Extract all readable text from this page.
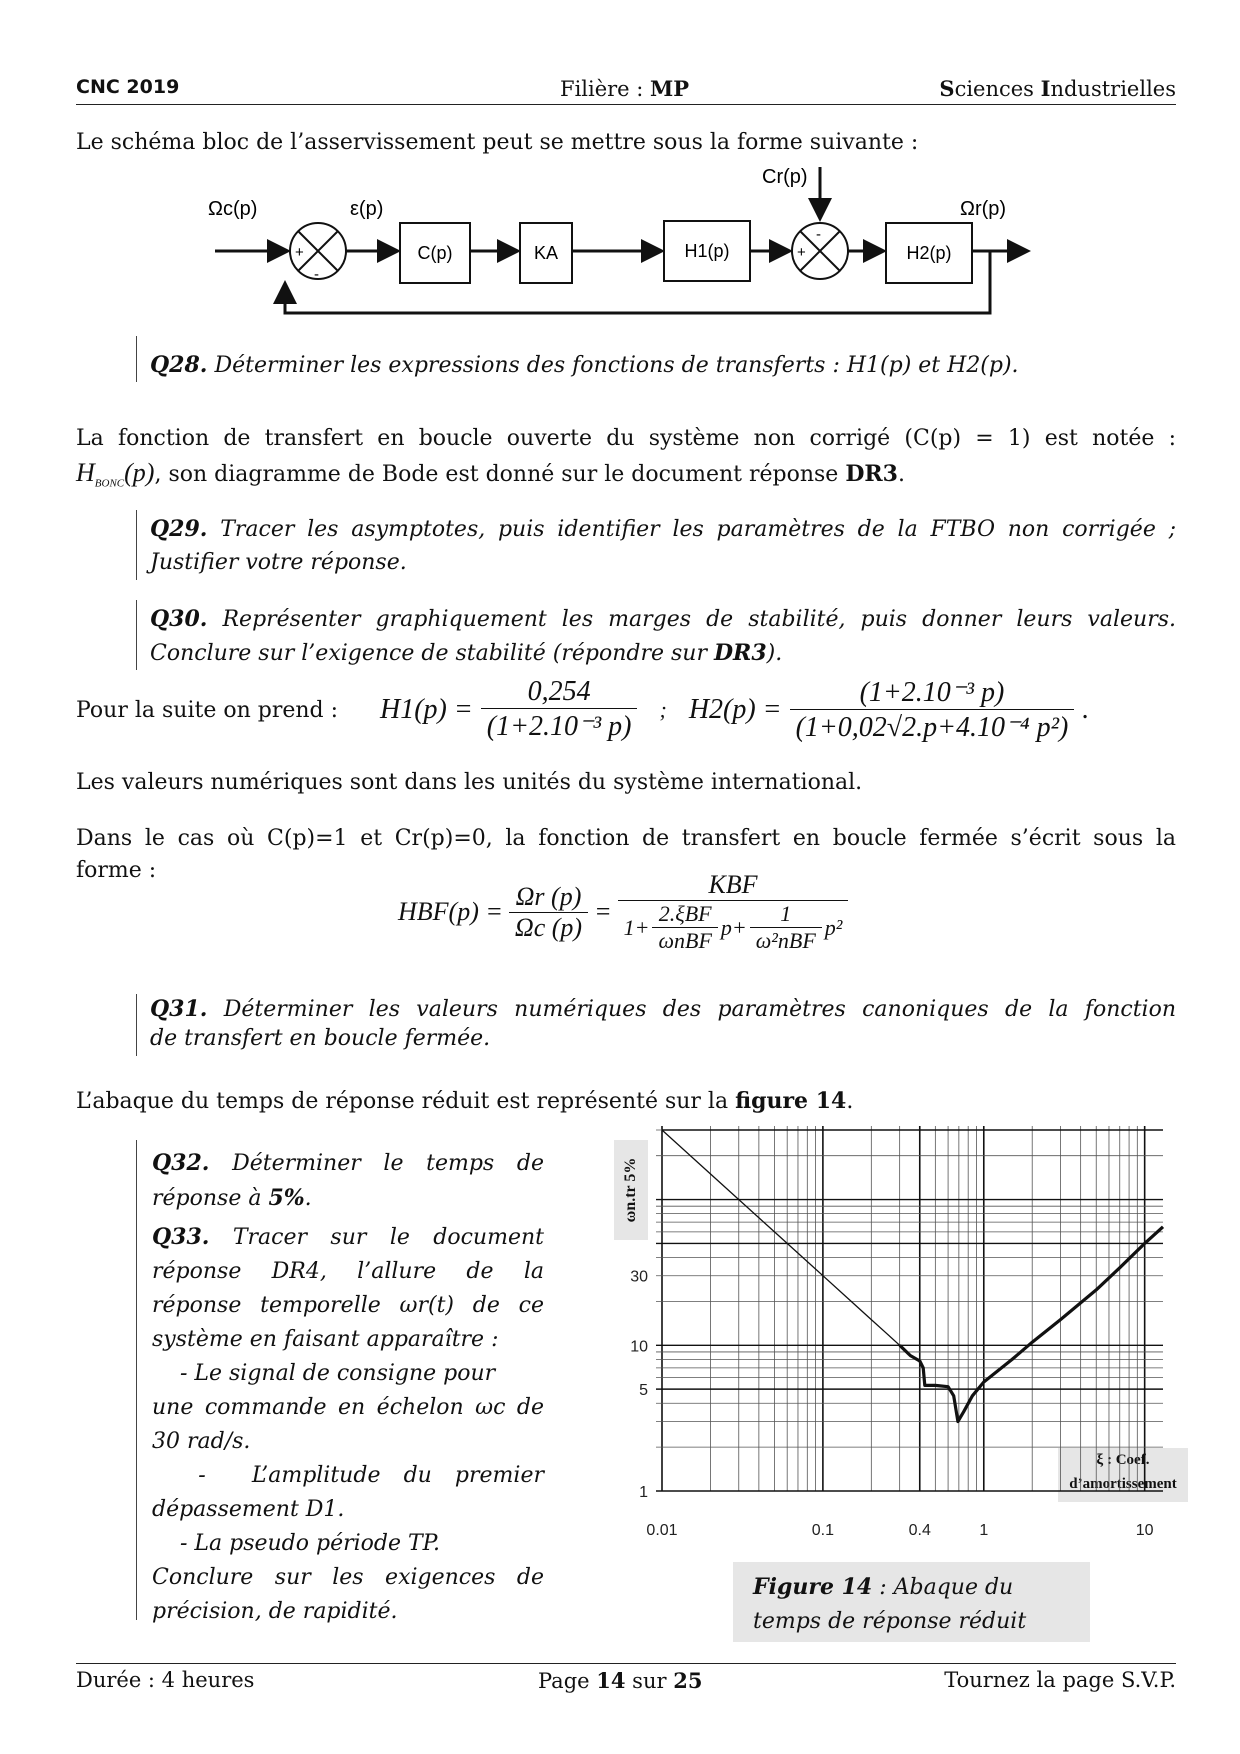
CNC 2019	Filière : MP	Sciences Industrielles
Le schéma bloc de l’asservissement peut se mettre sous la forme suivante :
Ωc(p)	ε(p)
Cr(p)
Ωr(p)
C(p)	KA	H1(p)	H2(p)
+
-
+
-
Q28. Déterminer les expressions des fonctions de transferts : H1(p) et H2(p).
La fonction de transfert en boucle ouverte du système non corrigé (C(p) = 1) est notée :
$H_{BONC}(p)$, son diagramme de Bode est donné sur le document réponse DR3.
Q29. Tracer les asymptotes, puis identifier les paramètres de la FTBO non corrigée ;
Justifier votre réponse.
Q30. Représenter graphiquement les marges de stabilité, puis donner leurs valeurs.
Conclure sur l’exigence de stabilité (répondre sur DR3).
Pour la suite on prend : $H1(p) = \frac{0,254}{\text{(1+2.10⁻³ p)}}$ ; $H2(p) = \frac{\text{(1+2.10⁻³ p)}}{\text{(1+0,02√2.p+4.10⁻⁴ p²)}}$ .
Les valeurs numériques sont dans les unités du système international.
Dans le cas où C(p)=1 et Cr(p)=0, la fonction de transfert en boucle fermée s’écrit sous la
forme :
$HBF(p) = \frac{\Omega r (p)}{\Omega c (p)} = \frac{\text{KBF}}{1+ \frac{\text{2.ξBF}}{\text{ωnBF}} p+ \frac{1}{\text{ω²nBF}} p^2}$
Q31. Déterminer les valeurs numériques des paramètres canoniques de la fonction
de transfert en boucle fermée.
L’abaque du temps de réponse réduit est représenté sur la figure 14.
Q32. Déterminer le temps de
réponse à 5%.
Q33. Tracer sur le document
réponse DR4, l’allure de la
réponse temporelle ωr(t) de ce
système en faisant apparaître :
- Le signal de consigne pour
une commande en échelon ωc de
30 rad/s.
-  L’amplitude du premier
dépassement D1.
- La pseudo période TP.
Conclure sur les exigences de
précision, de rapidité.
ωn.tr 5%
ξ : Coef.
d’amortissement
0.01	0.1	0.4	1	10
1
5
10
30
Figure 14 : Abaque du
temps de réponse réduit
Durée : 4 heures	Page 14 sur 25	Tournez la page S.V.P.
